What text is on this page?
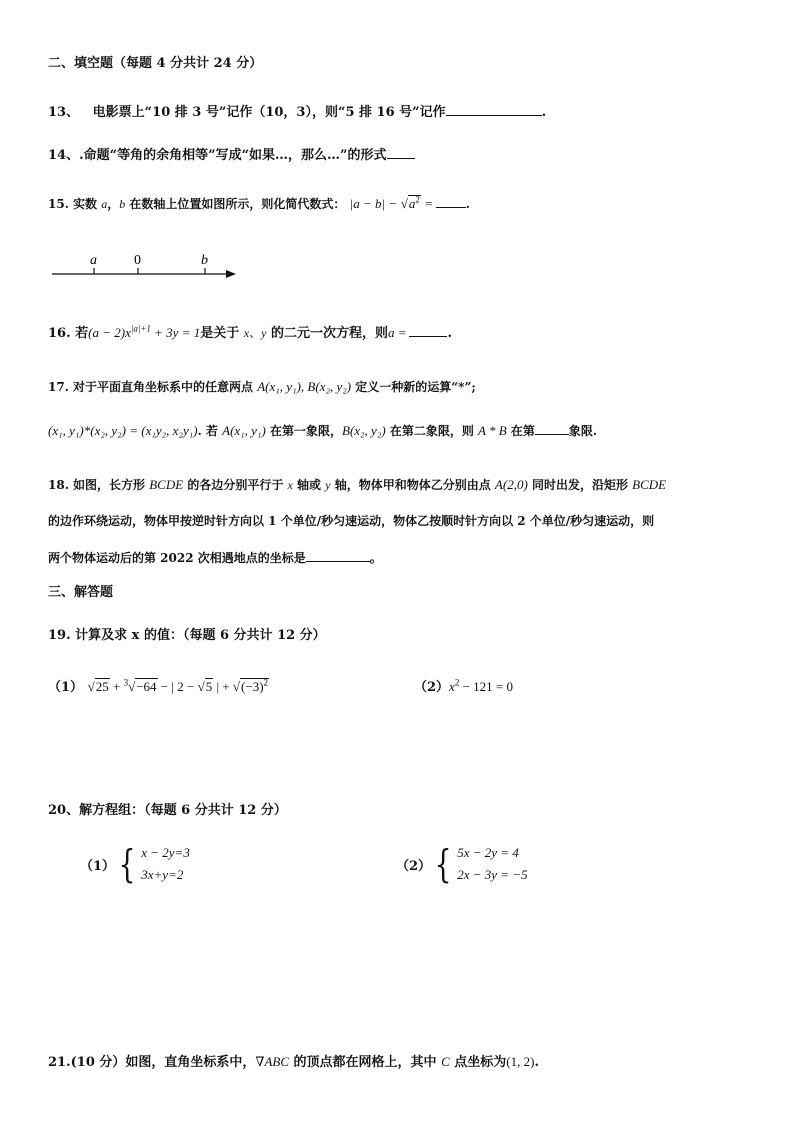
二、填空题（每题 4 分共计 24 分）
13、 电影票上“10 排 3 号”记作（10，3），则“5 排 16 号”记作	.
14、.命题“等角的余角相等”写成“如果…，那么…”的形式
15. 实数 a，b 在数轴上位置如图所示，则化简代数式： $|a - b| - √a^2$ =	.
a	0	b
16. 若$(a - 2)x^{|a|+1} + 3y = 1$是关于 x、y 的二元一次方程，则a =	.
17. 对于平面直角坐标系中的任意两点 A(x₁, y₁), B(x₂, y₂) 定义一种新的运算“*”;
(x₁, y₁)*(x₂, y₂) = (x₁y₂, x₂y₁). 若 A(x₁, y₁) 在第一象限，B(x₂, y₂) 在第二象限，则 A * B 在第	象限.
18. 如图，长方形 BCDE 的各边分别平行于 x 轴或 y 轴，物体甲和物体乙分别由点 A(2,0) 同时出发，沿矩形 BCDE
的边作环绕运动，物体甲按逆时针方向以 1 个单位/秒匀速运动，物体乙按顺时针方向以 2 个单位/秒匀速运动，则
两个物体运动后的第 2022 次相遇地点的坐标是	。
三、解答题
19. 计算及求 x 的值：（每题 6 分共计 12 分）
（1） √25 + $^3$√−64 − | 2 − √5 | + $√(-3)^2$	$(2)x^2 - 121 = 0$
20、解方程组：（每题 6 分共计 12 分）
（1） { x − 2y=3
3x+y=2
（2） { 5x − 2y = 4
2x − 3y = −5
21.(10 分）如图，直角坐标系中，∇ABC 的顶点都在网格上，其中 C 点坐标为(1, 2).
